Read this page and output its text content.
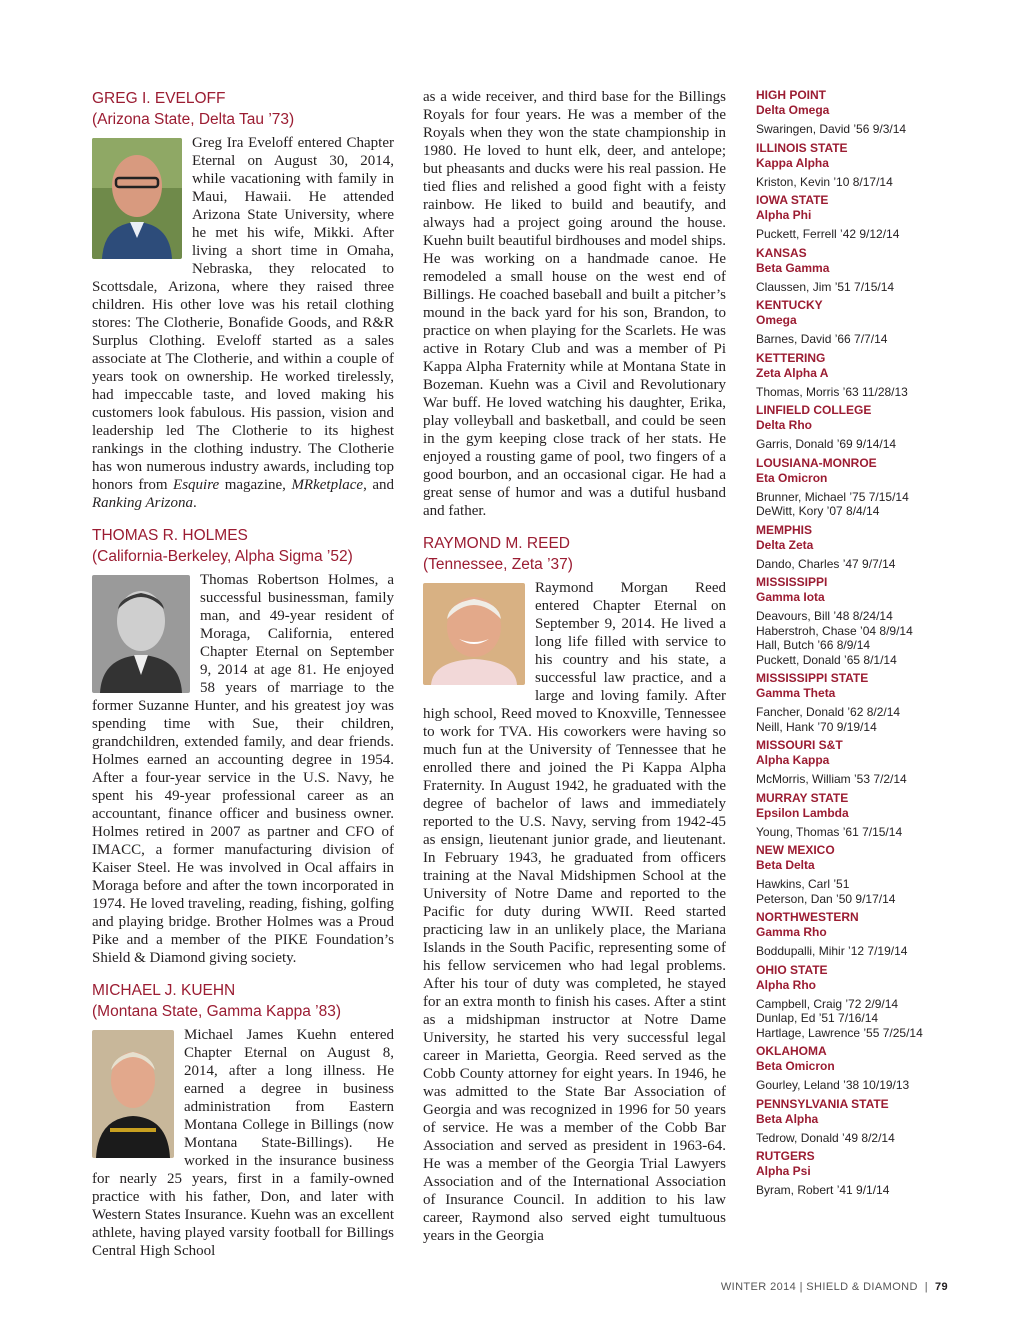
GREG I. EVELOFF
(Arizona State, Delta Tau ’73)
Greg Ira Eveloff entered Chapter Eternal on August 30, 2014, while vacationing with family in Maui, Hawaii. He attended Arizona State University, where he met his wife, Mikki. After living a short time in Omaha, Nebraska, they relocated to Scottsdale, Arizona, where they raised three children. His other love was his retail clothing stores: The Clotherie, Bonafide Goods, and R&R Surplus Clothing. Eveloff started as a sales associate at The Clotherie, and within a couple of years took on ownership. He worked tirelessly, had impeccable taste, and loved making his customers look fabulous. His passion, vision and leadership led The Clotherie to its highest rankings in the clothing industry. The Clotherie has won numerous industry awards, including top honors from Esquire magazine, MRketplace, and Ranking Arizona.
THOMAS R. HOLMES
(California-Berkeley, Alpha Sigma ’52)
Thomas Robertson Holmes, a successful businessman, family man, and 49-year resident of Moraga, California, entered Chapter Eternal on September 9, 2014 at age 81. He enjoyed 58 years of marriage to the former Suzanne Hunter, and his greatest joy was spending time with Sue, their children, grandchildren, extended family, and dear friends. Holmes earned an accounting degree in 1954. After a four-year service in the U.S. Navy, he spent his 49-year professional career as an accountant, finance officer and business owner. Holmes retired in 2007 as partner and CFO of IMACC, a former manufacturing division of Kaiser Steel. He was involved in Ocal affairs in Moraga before and after the town incorporated in 1974. He loved traveling, reading, fishing, golfing and playing bridge. Brother Holmes was a Proud Pike and a member of the PIKE Foundation’s Shield & Diamond giving society.
MICHAEL J. KUEHN
(Montana State, Gamma Kappa ’83)
Michael James Kuehn entered Chapter Eternal on August 8, 2014, after a long illness. He earned a degree in business administration from Eastern Montana College in Billings (now Montana State-Billings). He worked in the insurance business for nearly 25 years, first in a family-owned practice with his father, Don, and later with Western States Insurance. Kuehn was an excellent athlete, having played varsity football for Billings Central High School
as a wide receiver, and third base for the Billings Royals for four years. He was a member of the Royals when they won the state championship in 1980. He loved to hunt elk, deer, and antelope; but pheasants and ducks were his real passion. He tied flies and relished a good fight with a feisty rainbow. He liked to build and beautify, and always had a project going around the house. Kuehn built beautiful birdhouses and model ships. He was working on a handmade canoe. He remodeled a small house on the west end of Billings. He coached baseball and built a pitcher’s mound in the back yard for his son, Brandon, to practice on when playing for the Scarlets. He was active in Rotary Club and was a member of Pi Kappa Alpha Fraternity while at Montana State in Bozeman. Kuehn was a Civil and Revolutionary War buff. He loved watching his daughter, Erika, play volleyball and basketball, and could be seen in the gym keeping close track of her stats. He enjoyed a rousting game of pool, two fingers of a good bourbon, and an occasional cigar. He had a great sense of humor and was a dutiful husband and father.
RAYMOND M. REED
(Tennessee, Zeta ’37)
Raymond Morgan Reed entered Chapter Eternal on September 9, 2014. He lived a long life filled with service to his country and his state, a successful law practice, and a large and loving family. After high school, Reed moved to Knoxville, Tennessee to work for TVA. His coworkers were having so much fun at the University of Tennessee that he enrolled there and joined the Pi Kappa Alpha Fraternity. In August 1942, he graduated with the degree of bachelor of laws and immediately reported to the U.S. Navy, serving from 1942-45 as ensign, lieutenant junior grade, and lieutenant. In February 1943, he graduated from officers training at the Naval Midshipmen School at the University of Notre Dame and reported to the Pacific for duty during WWII. Reed started practicing law in an unlikely place, the Mariana Islands in the South Pacific, representing some of his fellow servicemen who had legal problems. After his tour of duty was completed, he stayed for an extra month to finish his cases. After a stint as a midshipman instructor at Notre Dame University, he started his very successful legal career in Marietta, Georgia. Reed served as the Cobb County attorney for eight years. In 1946, he was admitted to the State Bar Association of Georgia and was recognized in 1996 for 50 years of service. He was a member of the Cobb Bar Association and served as president in 1963-64. He was a member of the Georgia Trial Lawyers Association and of the International Association of Insurance Council. In addition to his law career, Raymond also served eight tumultuous years in the Georgia
HIGH POINT
Delta Omega
Swaringen, David ’56 9/3/14
ILLINOIS STATE
Kappa Alpha
Kriston, Kevin ’10 8/17/14
IOWA STATE
Alpha Phi
Puckett, Ferrell ’42 9/12/14
KANSAS
Beta Gamma
Claussen, Jim ’51 7/15/14
KENTUCKY
Omega
Barnes, David ’66 7/7/14
KETTERING
Zeta Alpha A
Thomas, Morris ’63 11/28/13
LINFIELD COLLEGE
Delta Rho
Garris, Donald ’69 9/14/14
LOUSIANA-MONROE
Eta Omicron
Brunner, Michael ’75 7/15/14
DeWitt, Kory ’07 8/4/14
MEMPHIS
Delta Zeta
Dando, Charles ’47 9/7/14
MISSISSIPPI
Gamma Iota
Deavours, Bill ’48 8/24/14
Haberstroh, Chase ’04 8/9/14
Hall, Butch ’66 8/9/14
Puckett, Donald ’65 8/1/14
MISSISSIPPI STATE
Gamma Theta
Fancher, Donald ’62 8/2/14
Neill, Hank ’70 9/19/14
MISSOURI S&T
Alpha Kappa
McMorris, William ’53 7/2/14
MURRAY STATE
Epsilon Lambda
Young, Thomas ’61 7/15/14
NEW MEXICO
Beta Delta
Hawkins, Carl ’51
Peterson, Dan ’50 9/17/14
NORTHWESTERN
Gamma Rho
Boddupalli, Mihir ’12 7/19/14
OHIO STATE
Alpha Rho
Campbell, Craig ’72 2/9/14
Dunlap, Ed ’51 7/16/14
Hartlage, Lawrence ’55 7/25/14
OKLAHOMA
Beta Omicron
Gourley, Leland ’38 10/19/13
PENNSYLVANIA STATE
Beta Alpha
Tedrow, Donald ’49 8/2/14
RUTGERS
Alpha Psi
Byram, Robert ’41 9/1/14
WINTER 2014 | SHIELD & DIAMOND | 79
